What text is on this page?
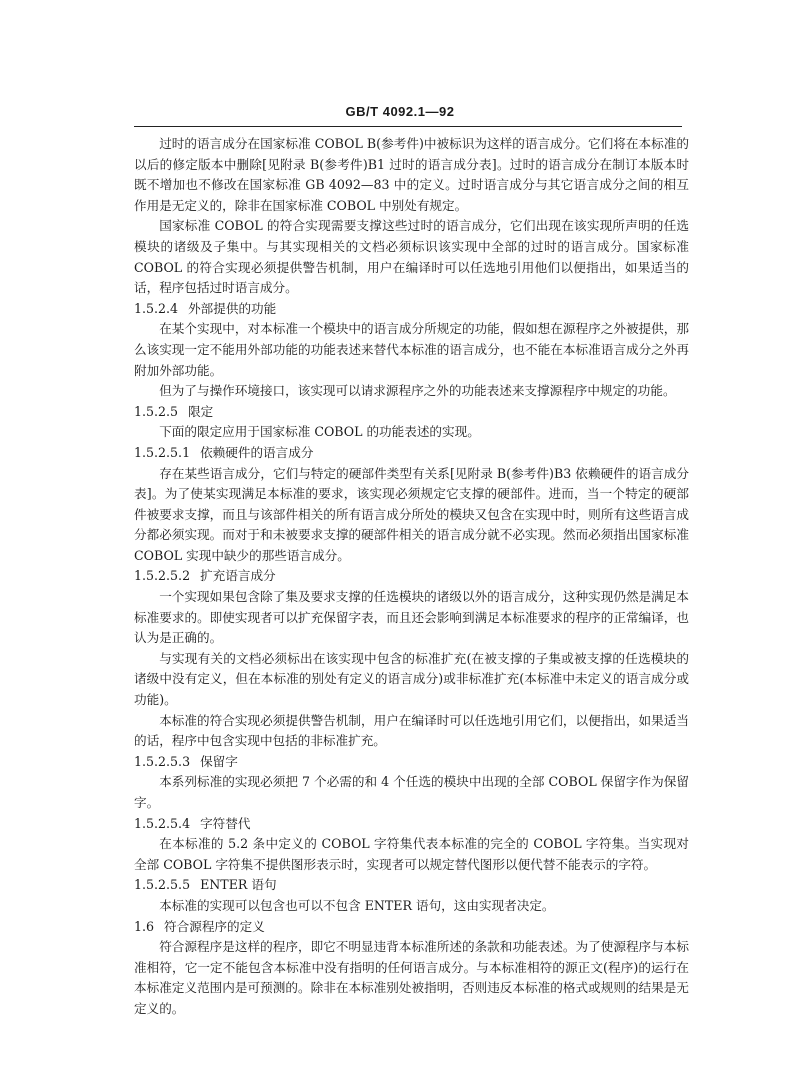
GB/T 4092.1—92

过时的语言成分在国家标准 COBOL B(参考件)中被标识为这样的语言成分。它们将在本标准的以后的修定版本中删除[见附录 B(参考件)B1 过时的语言成分表]。过时的语言成分在制订本版本时既不增加也不修改在国家标准 GB 4092—83 中的定义。过时语言成分与其它语言成分之间的相互作用是无定义的，除非在国家标准 COBOL 中别处有规定。

国家标准 COBOL 的符合实现需要支撑这些过时的语言成分，它们出现在该实现所声明的任选模块的诸级及子集中。与其实现相关的文档必须标识该实现中全部的过时的语言成分。国家标准 COBOL 的符合实现必须提供警告机制，用户在编译时可以任选地引用他们以便指出，如果适当的话，程序包括过时语言成分。

1.5.2.4 外部提供的功能

在某个实现中，对本标准一个模块中的语言成分所规定的功能，假如想在源程序之外被提供，那么该实现一定不能用外部功能的功能表述来替代本标准的语言成分，也不能在本标准语言成分之外再附加外部功能。

但为了与操作环境接口，该实现可以请求源程序之外的功能表述来支撑源程序中规定的功能。

1.5.2.5 限定

下面的限定应用于国家标准 COBOL 的功能表述的实现。

1.5.2.5.1 依赖硬件的语言成分

存在某些语言成分，它们与特定的硬部件类型有关系[见附录 B(参考件)B3 依赖硬件的语言成分表]。为了使某实现满足本标准的要求，该实现必须规定它支撑的硬部件。进而，当一个特定的硬部件被要求支撑，而且与该部件相关的所有语言成分所处的模块又包含在实现中时，则所有这些语言成分都必须实现。而对于和未被要求支撑的硬部件相关的语言成分就不必实现。然而必须指出国家标准 COBOL 实现中缺少的那些语言成分。

1.5.2.5.2 扩充语言成分

一个实现如果包含除了集及要求支撑的任选模块的诸级以外的语言成分，这种实现仍然是满足本标准要求的。即使实现者可以扩充保留字表，而且还会影响到满足本标准要求的程序的正常编译，也认为是正确的。

与实现有关的文档必须标出在该实现中包含的标准扩充(在被支撑的子集或被支撑的任选模块的诸级中没有定义，但在本标准的别处有定义的语言成分)或非标准扩充(本标准中未定义的语言成分或功能)。

本标准的符合实现必须提供警告机制，用户在编译时可以任选地引用它们，以便指出，如果适当的话，程序中包含实现中包括的非标准扩充。

1.5.2.5.3 保留字

本系列标准的实现必须把 7 个必需的和 4 个任选的模块中出现的全部 COBOL 保留字作为保留字。

1.5.2.5.4 字符替代

在本标准的 5.2 条中定义的 COBOL 字符集代表本标准的完全的 COBOL 字符集。当实现对全部 COBOL 字符集不提供图形表示时，实现者可以规定替代图形以便代替不能表示的字符。

1.5.2.5.5 ENTER 语句

本标准的实现可以包含也可以不包含 ENTER 语句，这由实现者决定。

1.6 符合源程序的定义

符合源程序是这样的程序，即它不明显违背本标准所述的条款和功能表述。为了使源程序与本标准相符，它一定不能包含本标准中没有指明的任何语言成分。与本标准相符的源正文(程序)的运行在本标准定义范围内是可预测的。除非在本标准别处被指明，否则违反本标准的格式或规则的结果是无定义的。
